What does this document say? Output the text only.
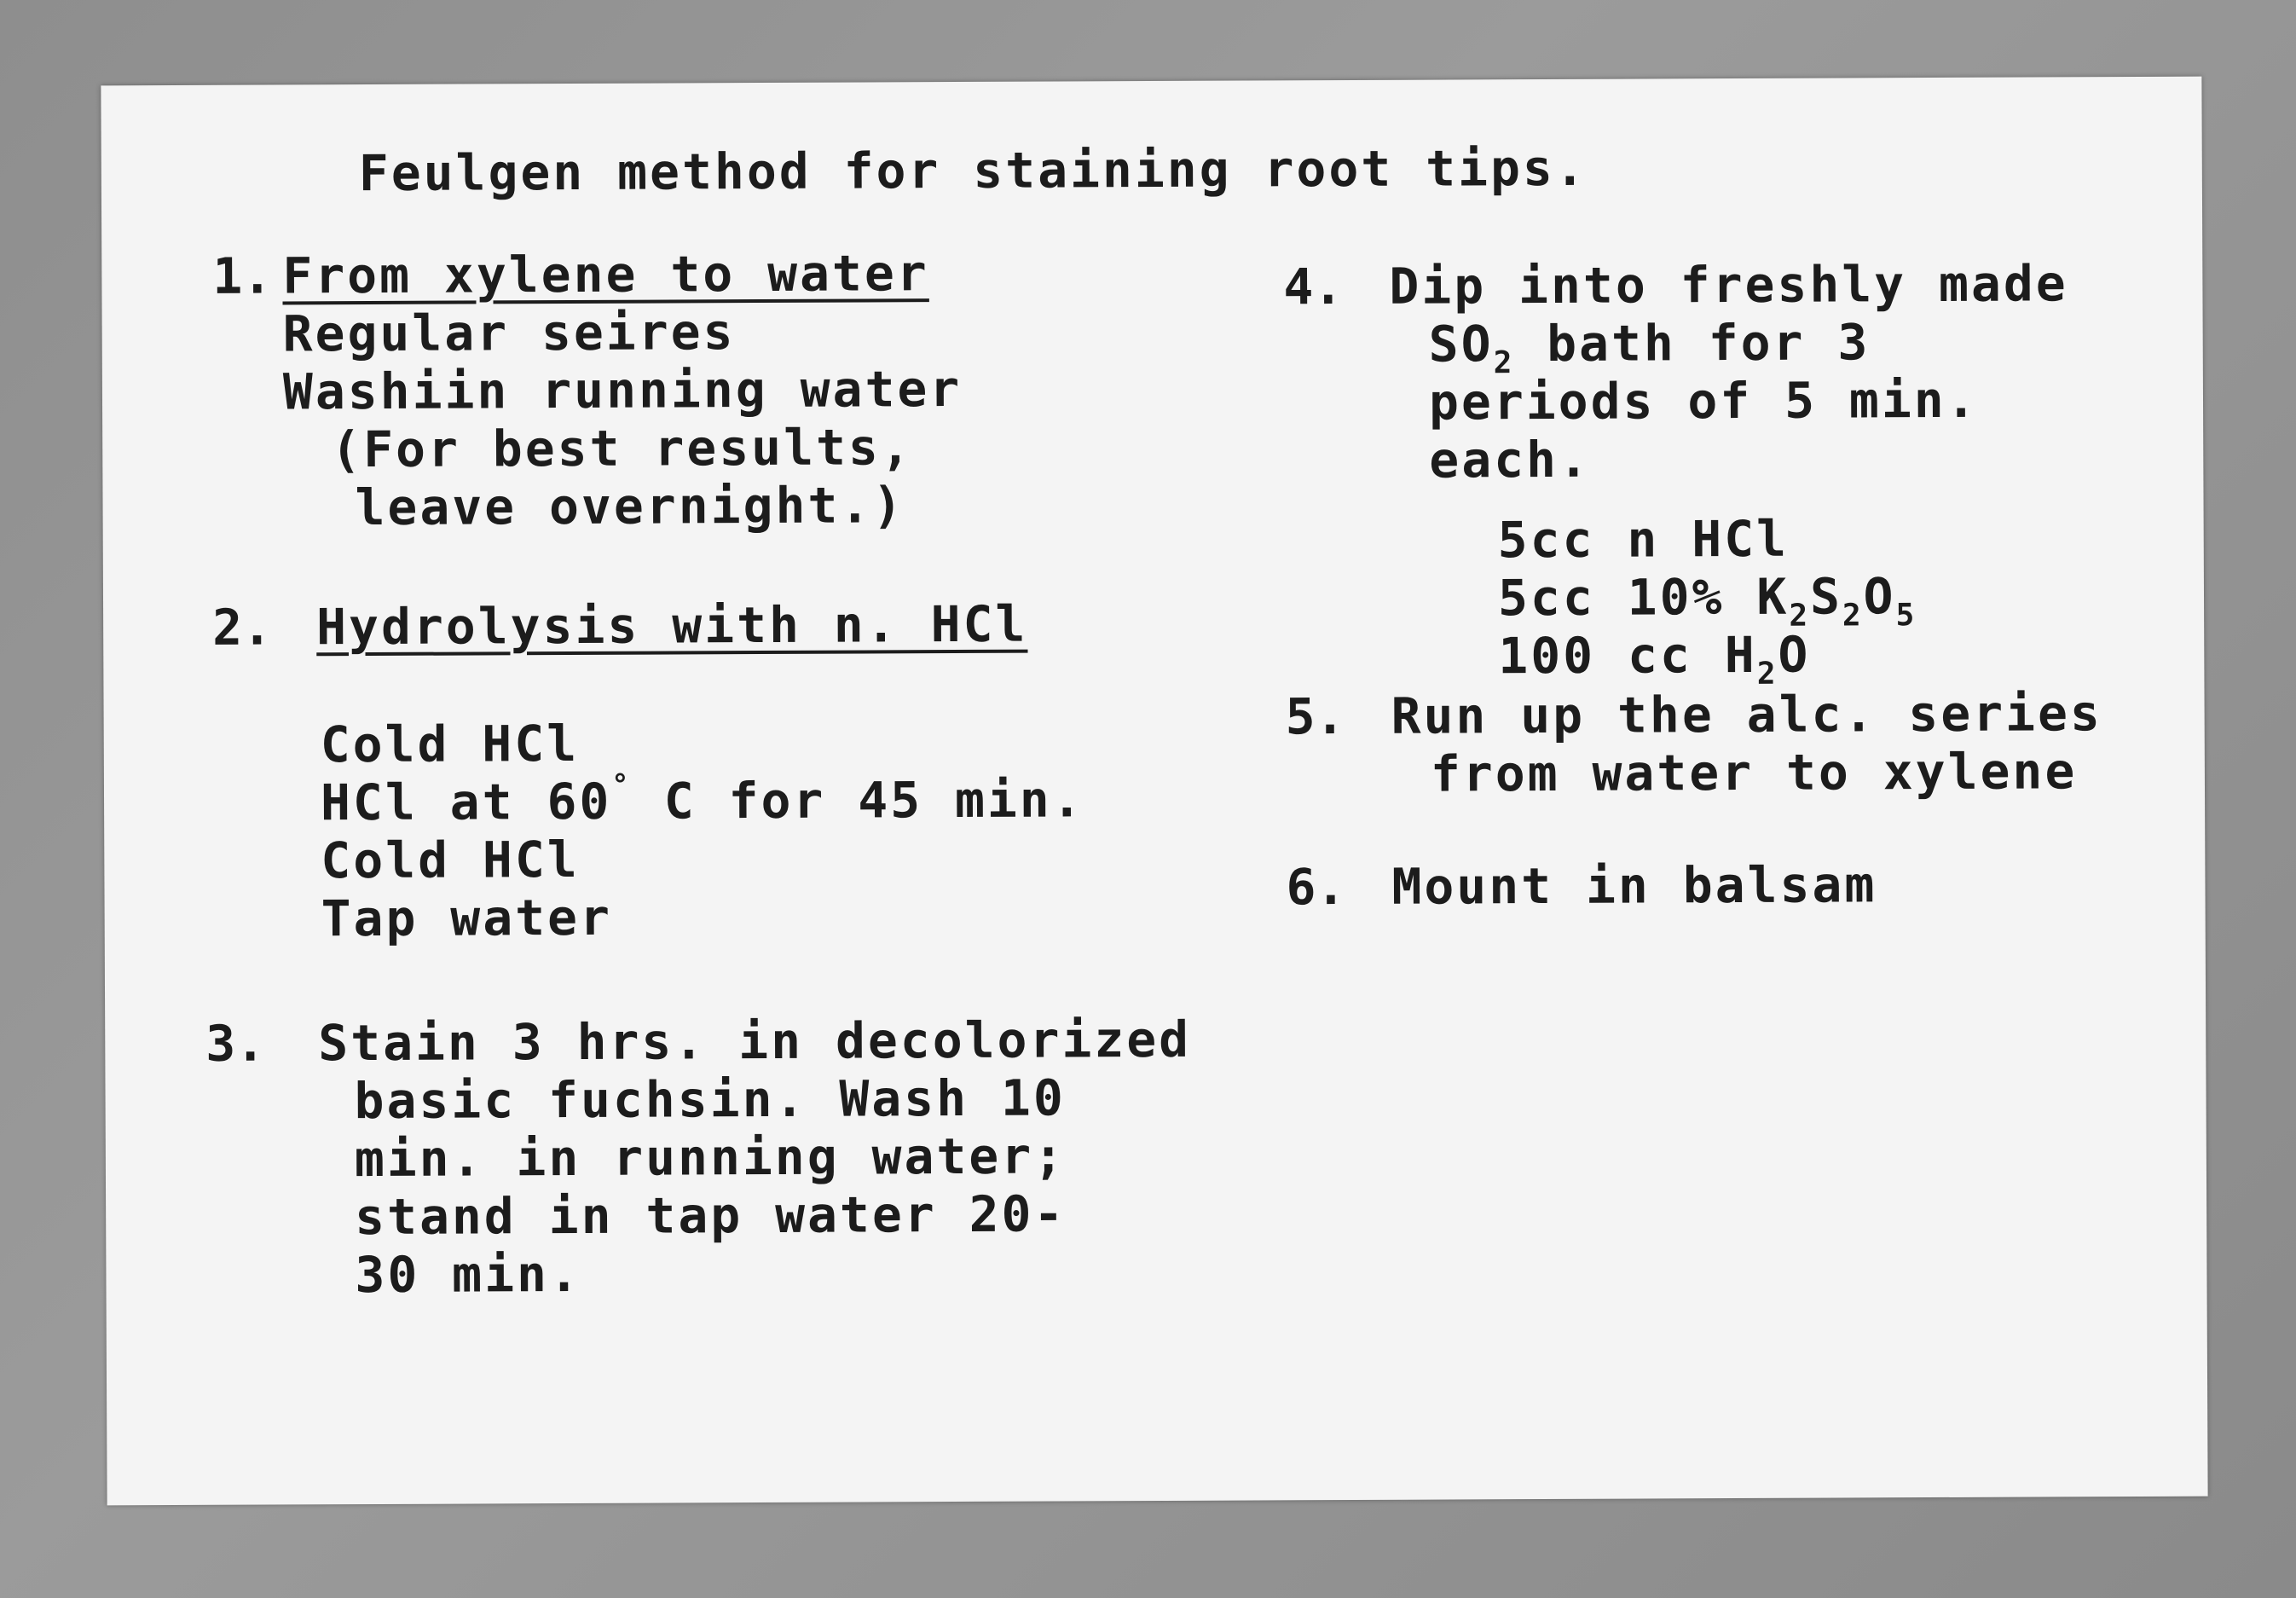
Feulgen method for staining root tips.
1. From xylene to water
Regular seires
Washiin running water
(For best results,
leave overnight.)
2. Hydrolysis with n. HCl
Cold HCl
HCl at 60° C for 45 min.
Cold HCl
Tap water
3. Stain 3 hrs. in decolorized
basic fuchsin. Wash 10
min. in running water;
stand in tap water 20-
30 min.
4. Dip into freshly made
$SO_2$ bath for 3
periods of 5 min.
each.
5cc n HCl
5cc 10% $K_2S_2O_5$
100 cc $H_2O$
5. Run up the alc. series
from water to xylene
6. Mount in balsam
